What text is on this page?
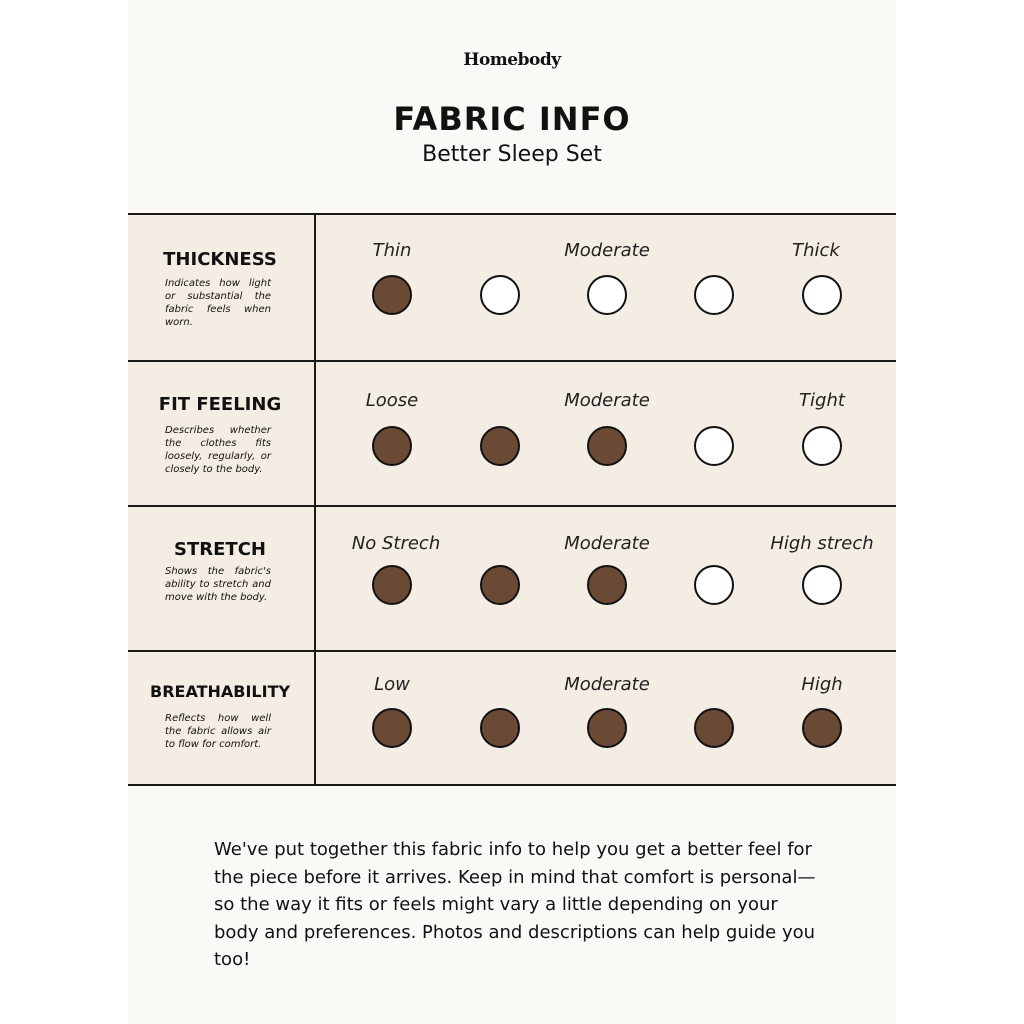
Homebody
FABRIC INFO
Better Sleep Set
THICKNESS
Indicates how light or substantial the fabric feels when worn.
Thin	Moderate	Thick
FIT FEELING
Describes whether the clothes fits loosely, regularly, or closely to the body.
Loose	Moderate	Tight
STRETCH
Shows the fabric's ability to stretch and move with the body.
No Strech	Moderate	High strech
BREATHABILITY
Reflects how well the fabric allows air to flow for comfort.
Low	Moderate	High
We've put together this fabric info to help you get a better feel for the piece before it arrives. Keep in mind that comfort is personal—so the way it fits or feels might vary a little depending on your body and preferences. Photos and descriptions can help guide you too!
